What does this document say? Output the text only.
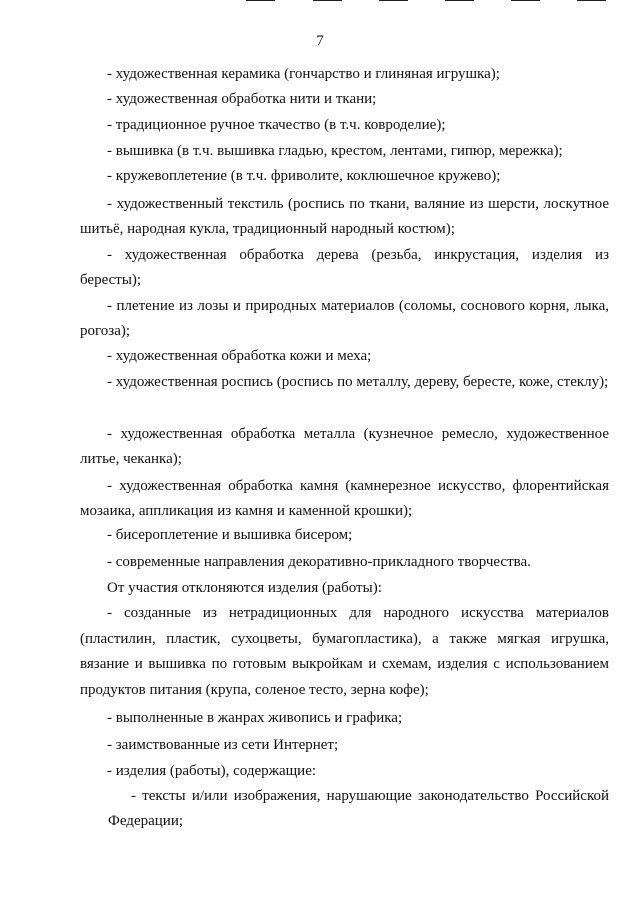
7
- художественная керамика (гончарство и глиняная игрушка);
- художественная обработка нити и ткани;
- традиционное ручное ткачество (в т.ч. ковроделие);
- вышивка (в т.ч. вышивка гладью, крестом, лентами, гипюр, мережка);
- кружевоплетение (в т.ч. фриволите, коклюшечное кружево);
- художественный текстиль (роспись по ткани, валяние из шерсти, лоскутное шитьё, народная кукла, традиционный народный костюм);
- художественная обработка дерева (резьба, инкрустация, изделия из бересты);
- плетение из лозы и природных материалов (соломы, соснового корня, лыка, рогоза);
- художественная обработка кожи и меха;
- художественная роспись (роспись по металлу, дереву, бересте, коже, стеклу);
- художественная обработка металла (кузнечное ремесло, художественное литье, чеканка);
- художественная обработка камня (камнерезное искусство, флорентийская мозаика, аппликация из камня и каменной крошки);
- бисероплетение и вышивка бисером;
- современные направления декоративно-прикладного творчества.
От участия отклоняются изделия (работы):
- созданные из нетрадиционных для народного искусства материалов (пластилин, пластик, сухоцветы, бумагопластика), а также мягкая игрушка, вязание и вышивка по готовым выкройкам и схемам, изделия с использованием продуктов питания (крупа, соленое тесто, зерна кофе);
- выполненные в жанрах живопись и графика;
- заимствованные из сети Интернет;
- изделия (работы), содержащие:
- тексты и/или изображения, нарушающие законодательство Российской Федерации;
